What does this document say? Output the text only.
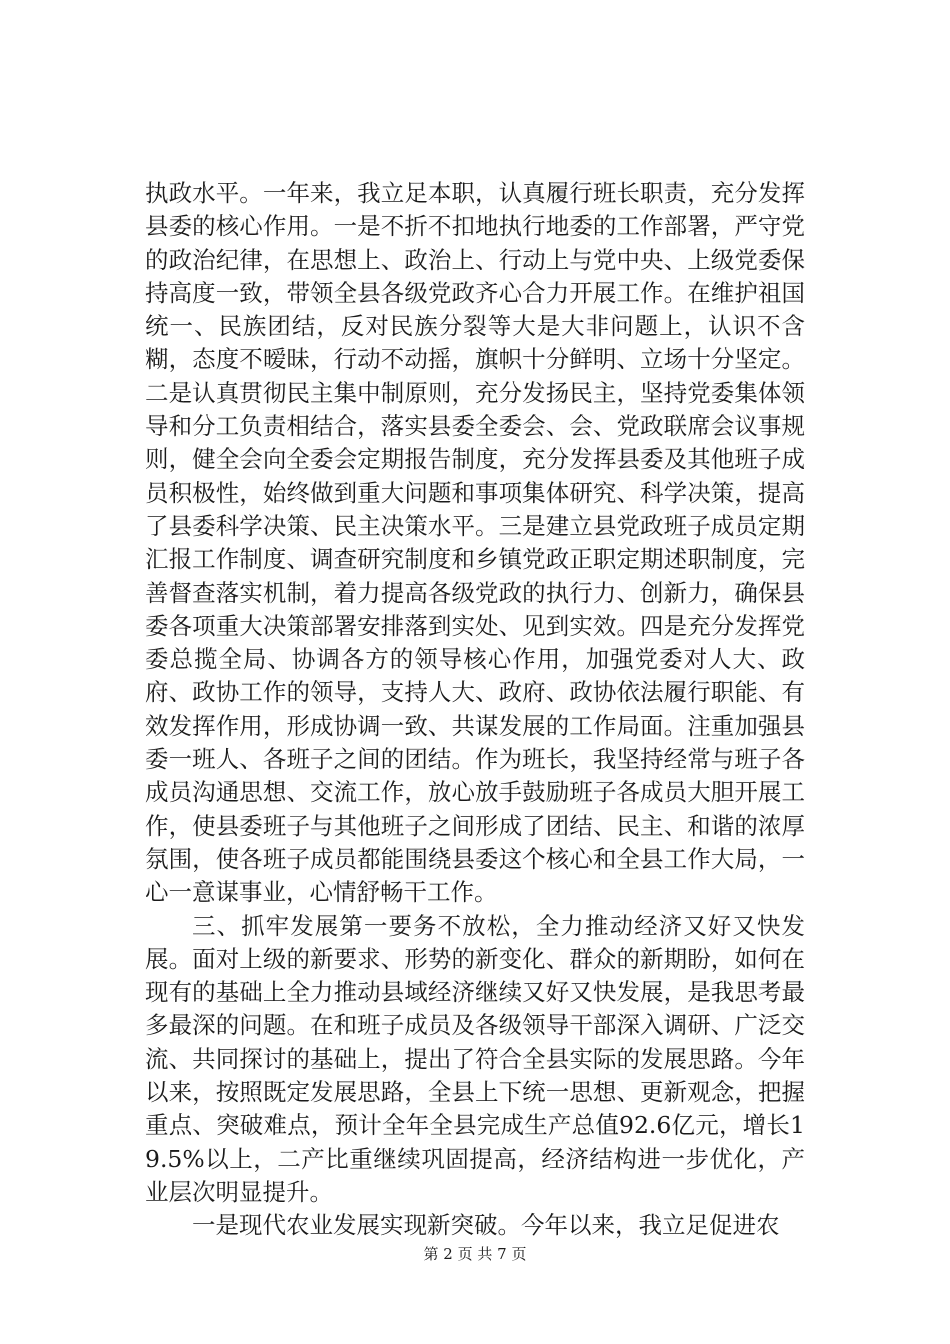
执政水平。一年来，我立足本职，认真履行班长职责，充分发挥县委的核心作用。一是不折不扣地执行地委的工作部署，严守党的政治纪律，在思想上、政治上、行动上与党中央、上级党委保持高度一致，带领全县各级党政齐心合力开展工作。在维护祖国统一、民族团结，反对民族分裂等大是大非问题上，认识不含糊，态度不暧昧，行动不动摇，旗帜十分鲜明、立场十分坚定。二是认真贯彻民主集中制原则，充分发扬民主，坚持党委集体领导和分工负责相结合，落实县委全委会、会、党政联席会议事规则，健全会向全委会定期报告制度，充分发挥县委及其他班子成员积极性，始终做到重大问题和事项集体研究、科学决策，提高了县委科学决策、民主决策水平。三是建立县党政班子成员定期汇报工作制度、调查研究制度和乡镇党政正职定期述职制度，完善督查落实机制，着力提高各级党政的执行力、创新力，确保县委各项重大决策部署安排落到实处、见到实效。四是充分发挥党委总揽全局、协调各方的领导核心作用，加强党委对人大、政府、政协工作的领导，支持人大、政府、政协依法履行职能、有效发挥作用，形成协调一致、共谋发展的工作局面。注重加强县委一班人、各班子之间的团结。作为班长，我坚持经常与班子各成员沟通思想、交流工作，放心放手鼓励班子各成员大胆开展工作，使县委班子与其他班子之间形成了团结、民主、和谐的浓厚氛围，使各班子成员都能围绕县委这个核心和全县工作大局，一心一意谋事业，心情舒畅干工作。

三、抓牢发展第一要务不放松，全力推动经济又好又快发展。面对上级的新要求、形势的新变化、群众的新期盼，如何在现有的基础上全力推动县域经济继续又好又快发展，是我思考最多最深的问题。在和班子成员及各级领导干部深入调研、广泛交流、共同探讨的基础上，提出了符合全县实际的发展思路。今年以来，按照既定发展思路，全县上下统一思想、更新观念，把握重点、突破难点，预计全年全县完成生产总值92.6亿元，增长19.5%以上，二产比重继续巩固提高，经济结构进一步优化，产业层次明显提升。

一是现代农业发展实现新突破。今年以来，我立足促进农

第 2 页 共 7 页
